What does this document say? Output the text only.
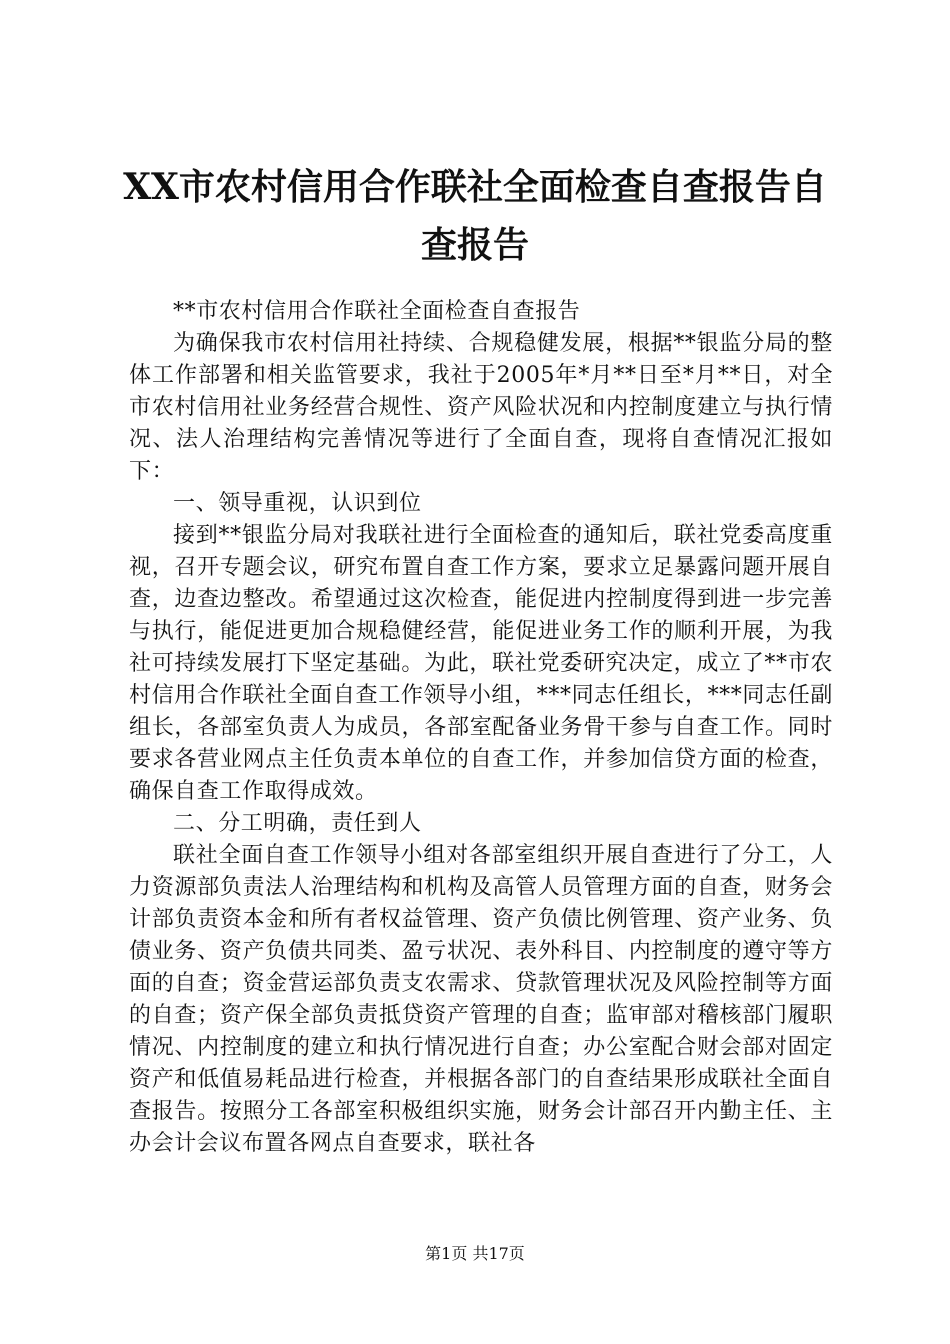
XX市农村信用合作联社全面检查自查报告自查报告

**市农村信用合作联社全面检查自查报告

为确保我市农村信用社持续、合规稳健发展，根据**银监分局的整体工作部署和相关监管要求，我社于2005年*月**日至*月**日，对全市农村信用社业务经营合规性、资产风险状况和内控制度建立与执行情况、法人治理结构完善情况等进行了全面自查，现将自查情况汇报如下：

一、领导重视，认识到位

接到**银监分局对我联社进行全面检查的通知后，联社党委高度重视，召开专题会议，研究布置自查工作方案，要求立足暴露问题开展自查，边查边整改。希望通过这次检查，能促进内控制度得到进一步完善与执行，能促进更加合规稳健经营，能促进业务工作的顺利开展，为我社可持续发展打下坚定基础。为此，联社党委研究决定，成立了**市农村信用合作联社全面自查工作领导小组，***同志任组长，***同志任副组长，各部室负责人为成员，各部室配备业务骨干参与自查工作。同时要求各营业网点主任负责本单位的自查工作，并参加信贷方面的检查，确保自查工作取得成效。

二、分工明确，责任到人

联社全面自查工作领导小组对各部室组织开展自查进行了分工，人力资源部负责法人治理结构和机构及高管人员管理方面的自查，财务会计部负责资本金和所有者权益管理、资产负债比例管理、资产业务、负债业务、资产负债共同类、盈亏状况、表外科目、内控制度的遵守等方面的自查；资金营运部负责支农需求、贷款管理状况及风险控制等方面的自查；资产保全部负责抵贷资产管理的自查；监审部对稽核部门履职情况、内控制度的建立和执行情况进行自查；办公室配合财会部对固定资产和低值易耗品进行检查，并根据各部门的自查结果形成联社全面自查报告。按照分工各部室积极组织实施，财务会计部召开内勤主任、主办会计会议布置各网点自查要求，联社各

第1页 共17页
